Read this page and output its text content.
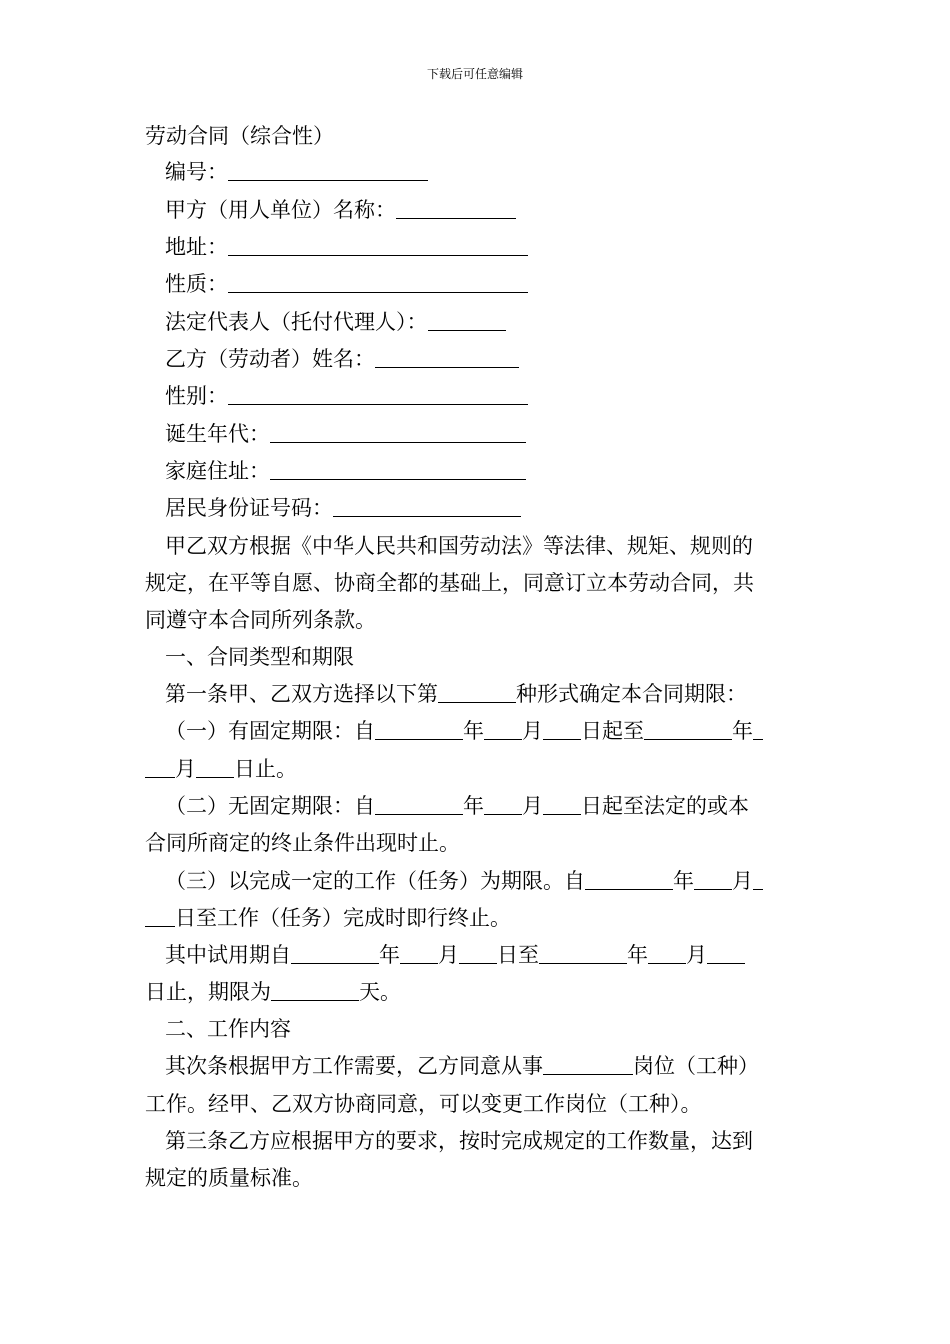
下载后可任意编辑
劳动合同（综合性）
编号：
甲方（用人单位）名称：
地址：
性质：
法定代表人（托付代理人）：
乙方（劳动者）姓名：
性别：
诞生年代：
家庭住址：
居民身份证号码：
甲乙双方根据《中华人民共和国劳动法》等法律、规矩、规则的
规定，在平等自愿、协商全都的基础上，同意订立本劳动合同，共
同遵守本合同所列条款。
一、合同类型和期限
第一条甲、乙双方选择以下第	种形式确定本合同期限：
（一）有固定期限：自	年 月 日起至	年
月 日止。
（二）无固定期限：自	年 月 日起至法定的或本
合同所商定的终止条件出现时止。
（三）以完成一定的工作（任务）为期限。自	年 月
日至工作（任务）完成时即行终止。
其中试用期自	年 月 日至	年 月
日止，期限为	天。
二、工作内容
其次条根据甲方工作需要，乙方同意从事	岗位（工种）
工作。经甲、乙双方协商同意，可以变更工作岗位（工种）。
第三条乙方应根据甲方的要求，按时完成规定的工作数量，达到
规定的质量标准。
